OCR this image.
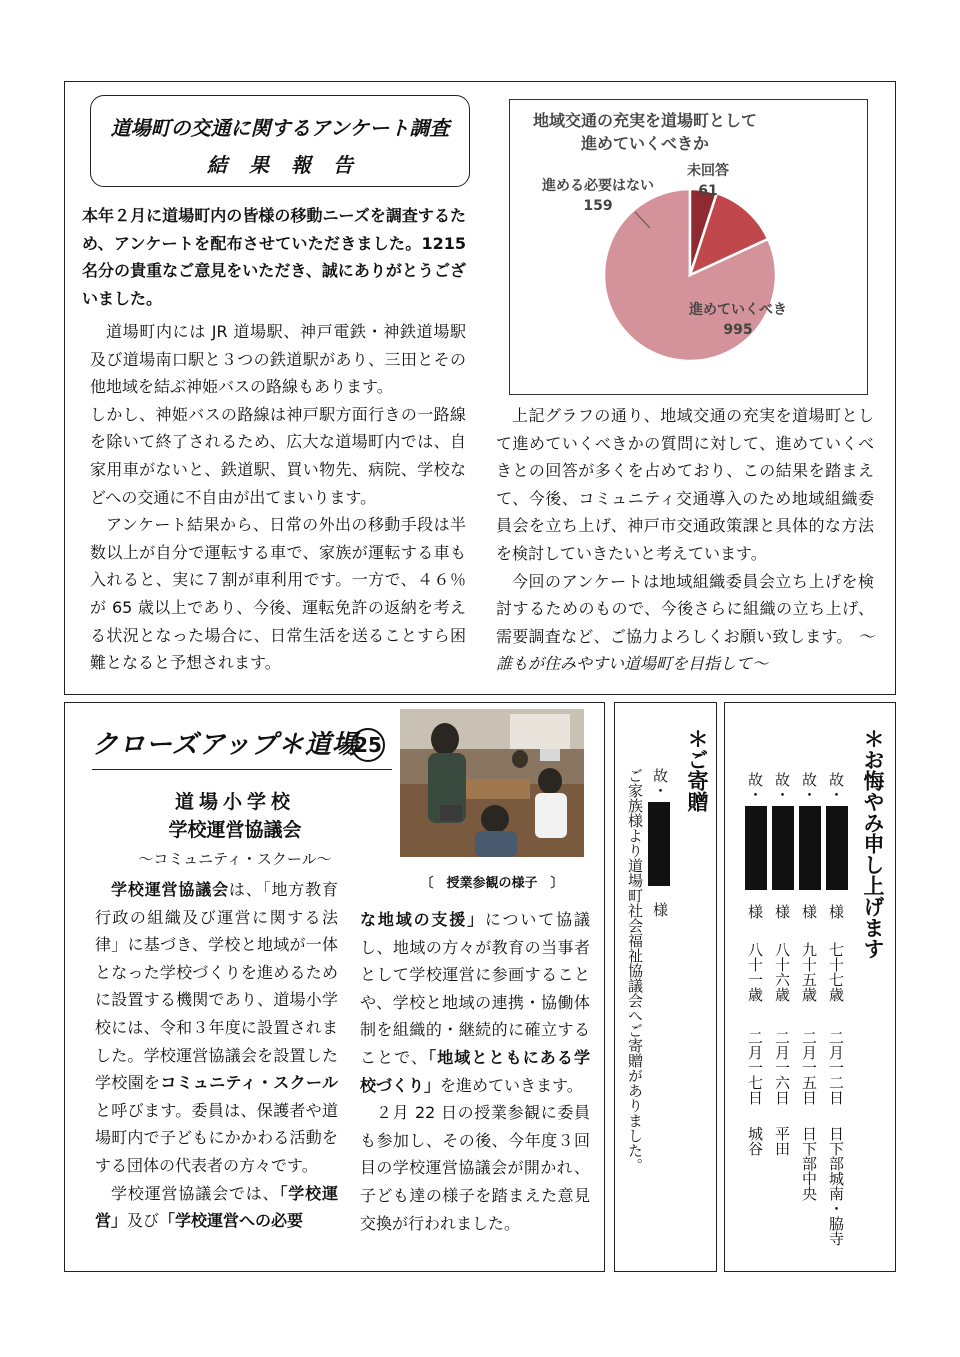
道場町の交通に関するアンケート調査
結果報告
本年２月に道場町内の皆様の移動ニーズを調査するため、アンケートを配布させていただきました。1215 名分の貴重なご意見をいただき、誠にありがとうございました。
道場町内には JR 道場駅、神戸電鉄・神鉄道場駅及び道場南口駅と３つの鉄道駅があり、三田とその他地域を結ぶ神姫バスの路線もあります。
しかし、神姫バスの路線は神戸駅方面行きの一路線を除いて終了されるため、広大な道場町内では、自家用車がないと、鉄道駅、買い物先、病院、学校などへの交通に不自由が出てまいります。
アンケート結果から、日常の外出の移動手段は半数以上が自分で運転する車で、家族が運転する車も入れると、実に７割が車利用です。一方で、４６％が 65 歳以上であり、今後、運転免許の返納を考える状況となった場合に、日常生活を送ることすら困難となると予想されます。
地域交通の充実を道場町として
進めていくべきか
進めていくべき
995
進める必要はない
159
未回答
61
上記グラフの通り、地域交通の充実を道場町として進めていくべきかの質問に対して、進めていくべきとの回答が多くを占めており、この結果を踏まえて、今後、コミュニティ交通導入のため地域組織委員会を立ち上げ、神戸市交通政策課と具体的な方法を検討していきたいと考えています。
今回のアンケートは地域組織委員会立ち上げを検討するためのもので、今後さらに組織の立ち上げ、需要調査など、ご協力よろしくお願い致します。 ～誰もが住みやすい道場町を目指して～
クローズアップ＊道場
25
道場小学校
学校運営協議会
～コミュニティ・スクール～
学校運営協議会は、「地方教育行政の組織及び運営に関する法律」に基づき、学校と地域が一体となった学校づくりを進めるために設置する機関であり、道場小学校には、令和３年度に設置されました。学校運営協議会を設置した学校園をコミュニティ・スクールと呼びます。委員は、保護者や道場町内で子どもにかかわる活動をする団体の代表者の方々です。
学校運営協議会では、「学校運営」及び「学校運営への必要
〔　授業参観の様子　〕
な地域の支援」について協議し、地域の方々が教育の当事者として学校運営に参画することや、学校と地域の連携・協働体制を組織的・継続的に確立することで、「地域とともにある学校づくり」を進めていきます。
２月 22 日の授業参観に委員も参加し、その後、今年度３回目の学校運営協議会が開かれ、子ども達の様子を踏まえた意見交換が行われました。
＊ご寄贈
故・
様
ご家族様より道場町社会福祉協議会へご寄贈がありました。	＊お悔やみ申し上げます
故・
様
七十七歳
二月一二日
日下部城南・脇寺
故・
様
九十五歳
二月一五日
日下部中央
故・
様
八十六歳
二月一六日
平田
故・
様
八十一歳
二月一七日
城谷
